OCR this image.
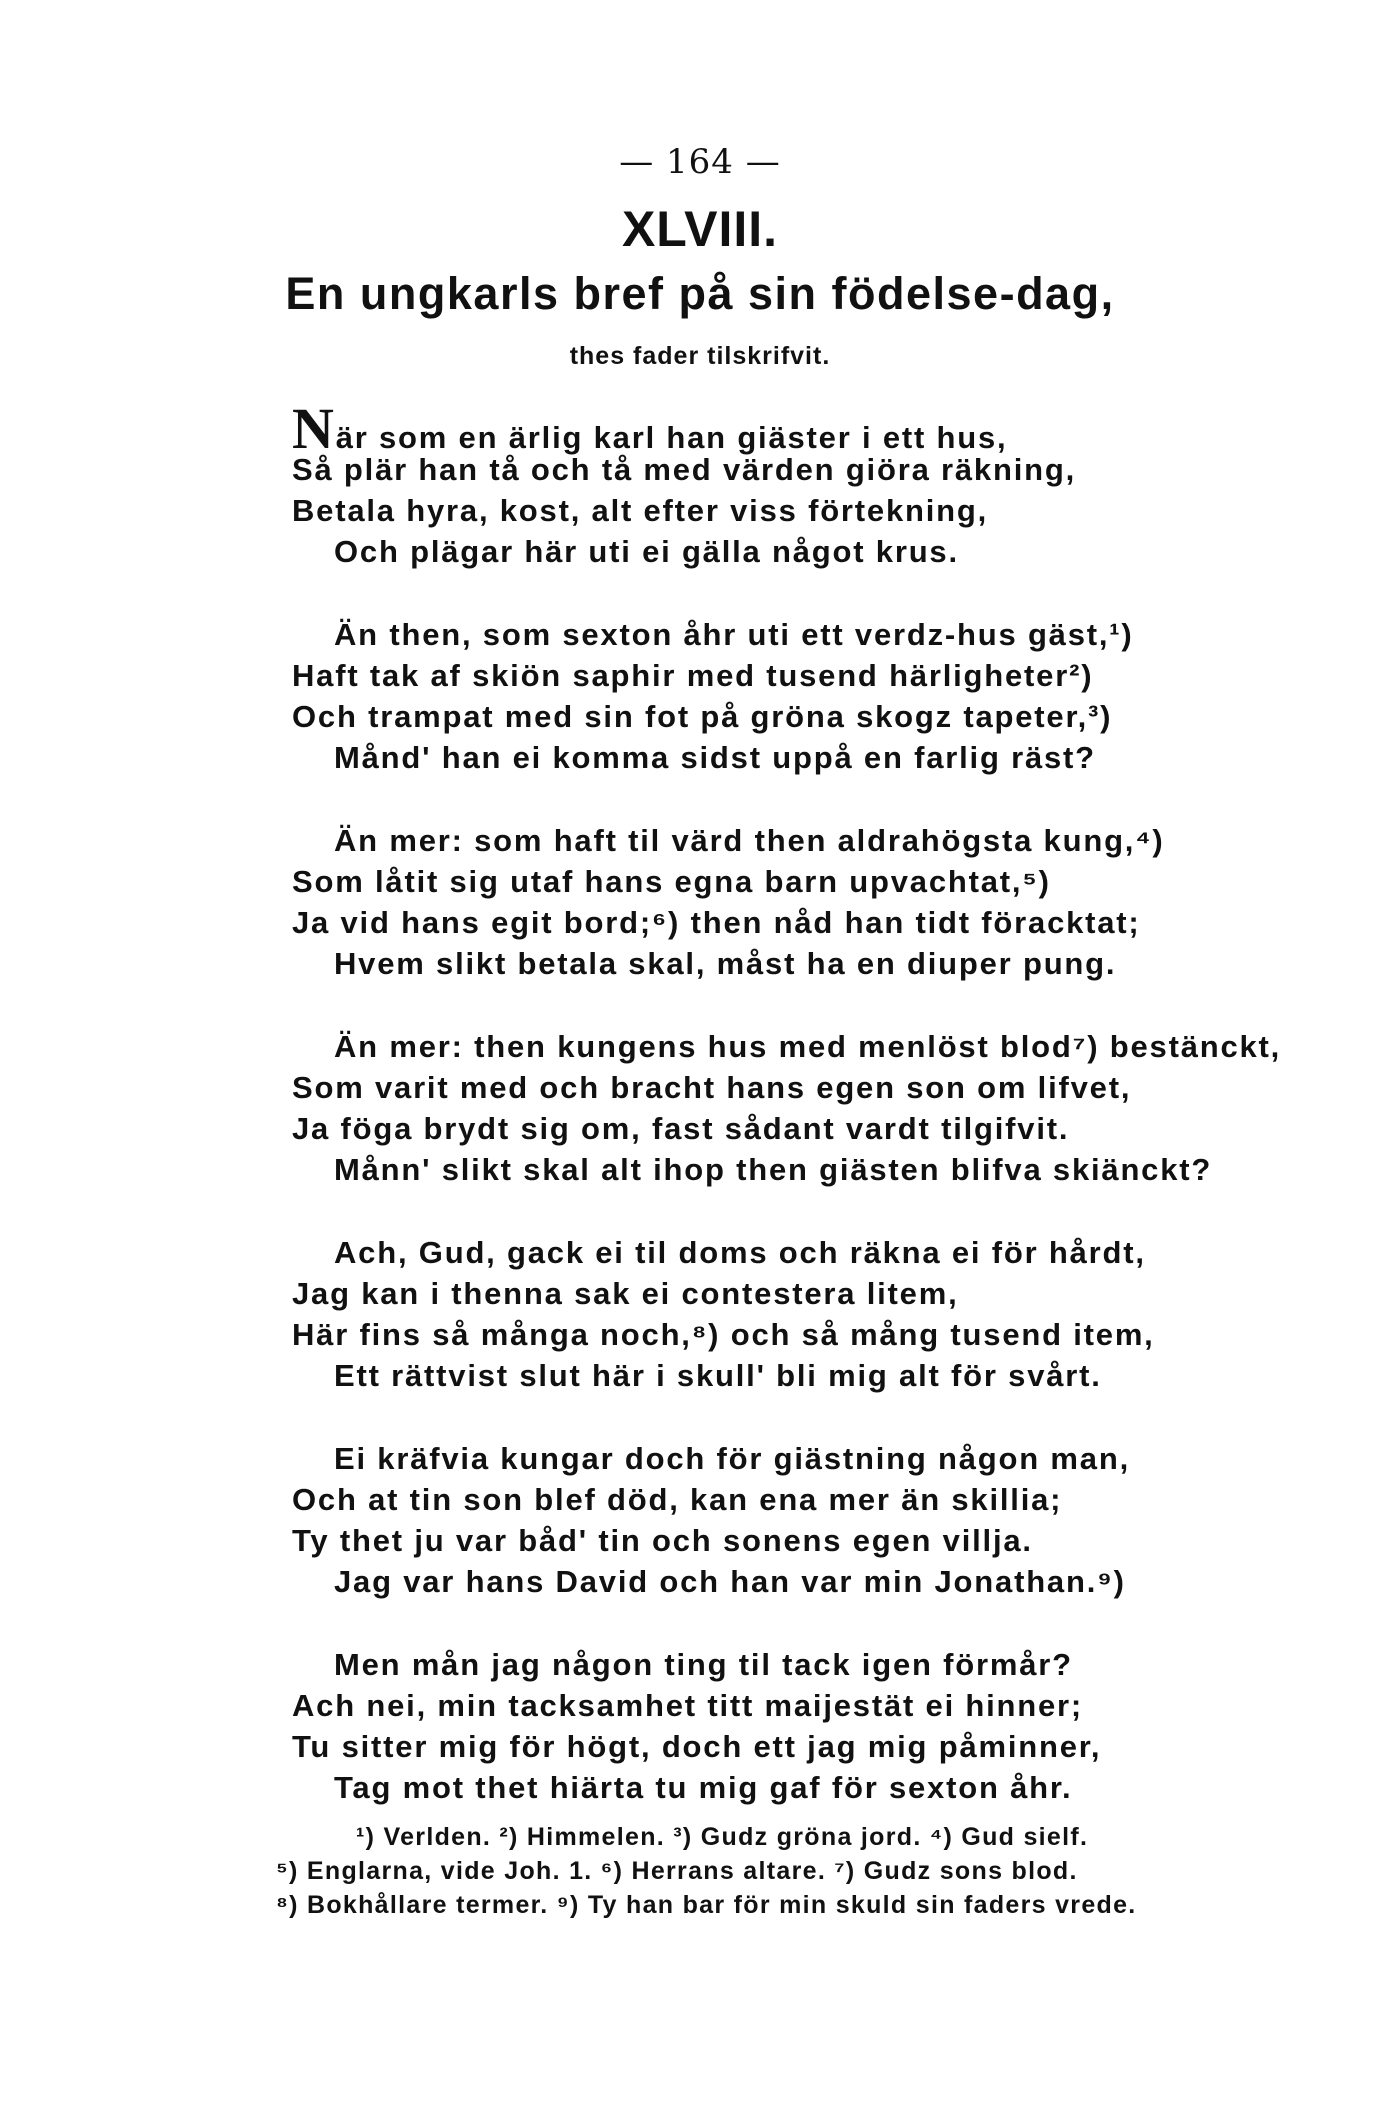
— 164 —
XLVIII.
En ungkarls bref på sin födelse-dag,
thes fader tilskrifvit.
När som en ärlig karl han giäster i ett hus,
Så plär han tå och tå med värden giöra räkning,
Betala hyra, kost, alt efter viss förtekning,
Och plägar här uti ei gälla något krus.
Än then, som sexton åhr uti ett verdz-hus gäst,¹)
Haft tak af skiön saphir med tusend härligheter²)
Och trampat med sin fot på gröna skogz tapeter,³)
Månd' han ei komma sidst uppå en farlig räst?
Än mer: som haft til värd then aldrahögsta kung,⁴)
Som låtit sig utaf hans egna barn upvachtat,⁵)
Ja vid hans egit bord;⁶) then nåd han tidt föracktat;
Hvem slikt betala skal, måst ha en diuper pung.
Än mer: then kungens hus med menlöst blod⁷) bestänckt,
Som varit med och bracht hans egen son om lifvet,
Ja föga brydt sig om, fast sådant vardt tilgifvit.
Månn' slikt skal alt ihop then giästen blifva skiänckt?
Ach, Gud, gack ei til doms och räkna ei för hårdt,
Jag kan i thenna sak ei contestera litem,
Här fins så många noch,⁸) och så mång tusend item,
Ett rättvist slut här i skull' bli mig alt för svårt.
Ei kräfvia kungar doch för giästning någon man,
Och at tin son blef död, kan ena mer än skillia;
Ty thet ju var båd' tin och sonens egen villja.
Jag var hans David och han var min Jonathan.⁹)
Men mån jag någon ting til tack igen förmår?
Ach nei, min tacksamhet titt maijestät ei hinner;
Tu sitter mig för högt, doch ett jag mig påminner,
Tag mot thet hiärta tu mig gaf för sexton åhr.
¹) Verlden. ²) Himmelen. ³) Gudz gröna jord. ⁴) Gud sielf.
⁵) Englarna, vide Joh. 1. ⁶) Herrans altare. ⁷) Gudz sons blod.
⁸) Bokhållare termer. ⁹) Ty han bar för min skuld sin faders vrede.
